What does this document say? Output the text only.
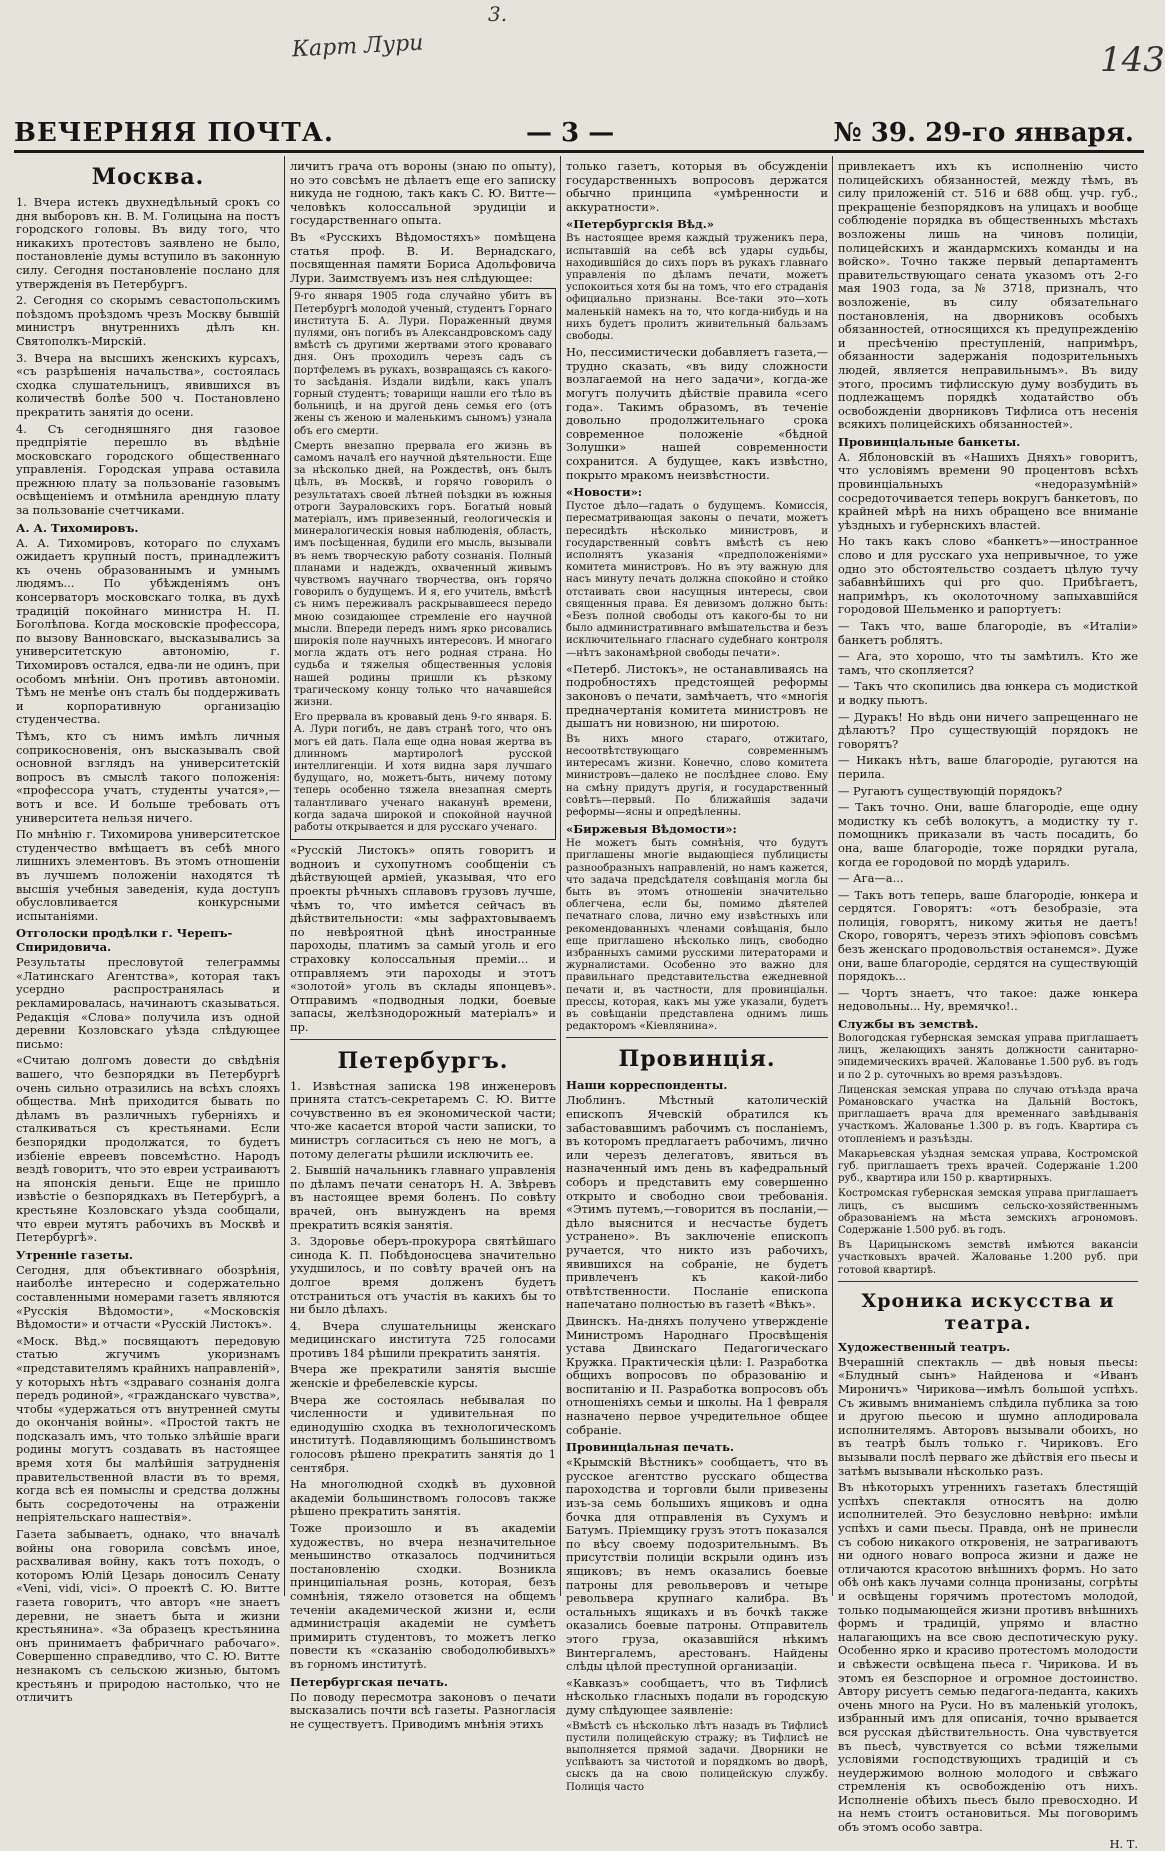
3.
Карт Лури	143
ВЕЧЕРНЯЯ ПОЧТА.	— 3 —	№ 39. 29-го января.
Москва.

1. Вчера истекъ двухнедѣльный срокъ со дня выборовъ кн. В. М. Голицына на постъ городского головы. Въ виду того, что никакихъ протестовъ заявлено не было, постановленіе думы вступило въ законную силу. Сегодня постановленіе послано для утвержденія въ Петербургъ.

2. Сегодня со скорымъ севастопольскимъ поѣздомъ проѣздомъ чрезъ Москву бывшій министръ внутреннихъ дѣлъ кн. Святополкъ-Мирскій.

3. Вчера на высшихъ женскихъ курсахъ, «съ разрѣшенія начальства», состоялась сходка слушательницъ, явившихся въ количествѣ болѣе 500 ч. Постановлено прекратить занятія до осени.

4. Съ сегодняшняго дня газовое предпріятіе перешло въ вѣдѣніе московскаго городского общественнаго управленія. Городская управа оставила прежнюю плату за пользованіе газовымъ освѣщеніемъ и отмѣнила арендную плату за пользованіе счетчиками.

А. А. Тихомировъ.

А. А. Тихомировъ, котораго по слухамъ ожидаетъ крупный постъ, принадлежитъ къ очень образованнымъ и умнымъ людямъ... По убѣжденіямъ онъ консерваторъ московскаго толка, въ духѣ традицій покойнаго министра Н. П. Боголѣпова. Когда московскіе профессора, по вызову Ванновскаго, высказывались за университетскую автономію, г. Тихомировъ остался, едва-ли не одинъ, при особомъ мнѣніи. Онъ противъ автономіи. Тѣмъ не менѣе онъ сталъ бы поддерживать и корпоративную организацію студенчества.

Тѣмъ, кто съ нимъ имѣлъ личныя соприкосновенія, онъ высказывалъ свой основной взглядъ на университетскій вопросъ въ смыслѣ такого положенія: «профессора учатъ, студенты учатся»,—вотъ и все. И больше требовать отъ университета нельзя ничего.

По мнѣнію г. Тихомирова университетское студенчество вмѣщаетъ въ себѣ много лишнихъ элементовъ. Въ этомъ отношеніи въ лучшемъ положеніи находятся тѣ высшія учебныя заведенія, куда доступъ обусловливается конкурсными испытаніями.

Отголоски продѣлки г. Черепъ-Спиридовича.

Результаты пресловутой телеграммы «Латинскаго Агентства», которая такъ усердно распространялась и рекламировалась, начинаютъ сказываться. Редакція «Слова» получила изъ одной деревни Козловскаго уѣзда слѣдующее письмо:

«Считаю долгомъ довести до свѣдѣнія вашего, что безпорядки въ Петербургѣ очень сильно отразились на всѣхъ слояхъ общества. Мнѣ приходится бывать по дѣламъ въ различныхъ губерніяхъ и сталкиваться съ крестьянами. Если безпорядки продолжатся, то будетъ избіеніе евреевъ повсемѣстно. Народъ вездѣ говоритъ, что это евреи устраиваютъ на японскія деньги. Еще не пришло извѣстіе о безпорядкахъ въ Петербургѣ, а крестьяне Козловскаго уѣзда сообщали, что евреи мутятъ рабочихъ въ Москвѣ и Петербургѣ».

Утренніе газеты.

Сегодня, для объективнаго обозрѣнія, наиболѣе интересно и содержательно составленными номерами газетъ являются «Русскія Вѣдомости», «Московскія Вѣдомости» и отчасти «Русскій Листокъ».

«Моск. Вѣд.» посвящаютъ передовую статью жгучимъ укоризнамъ «представителямъ крайнихъ направленій», у которыхъ нѣтъ «здраваго сознанія долга передъ родиной», «гражданскаго чувства», чтобы «удержаться отъ внутренней смуты до окончанія войны». «Простой тактъ не подсказалъ имъ, что только злѣйшіе враги родины могутъ создавать въ настоящее время хотя бы малѣйшія затрудненія правительственной власти въ то время, когда всѣ ея помыслы и средства должны быть сосредоточены на отраженіи непріятельскаго нашествія».

Газета забываетъ, однако, что вначалѣ войны она говорила совсѣмъ иное, расхваливая войну, какъ тотъ походъ, о которомъ Юлій Цезарь доносилъ Сенату «Veni, vidi, vici». О проектѣ С. Ю. Витте газета говоритъ, что авторъ «не знаетъ деревни, не знаетъ быта и жизни крестьянина». «За образецъ крестьянина онъ принимаетъ фабричнаго рабочаго». Совершенно справедливо, что С. Ю. Витте незнакомъ съ сельскою жизнью, бытомъ крестьянъ и природою настолько, что не отличитъ

личитъ грача отъ вороны (знаю по опыту), но это совсѣмъ не дѣлаетъ еще его записку никуда не годною, такъ какъ С. Ю. Витте—человѣкъ колоссальной эрудиціи и государственнаго опыта.

Въ «Русскихъ Вѣдомостяхъ» помѣщена статья проф. В. И. Вернадскаго, посвященная памяти Бориса Адольфовича Лури. Заимствуемъ изъ нея слѣдующее:

9-го января 1905 года случайно убитъ въ Петербургѣ молодой ученый, студентъ Горнаго института Б. А. Лури. Пораженный двумя пулями, онъ погибъ въ Александровскомъ саду вмѣстѣ съ другими жертвами этого кроваваго дня. Онъ проходилъ черезъ садъ съ портфелемъ въ рукахъ, возвращаясь съ какого-то засѣданія. Издали видѣли, какъ упалъ горный студентъ; товарищи нашли его тѣло въ больницѣ, и на другой день семья его (отъ жены съ женою и маленькимъ сыномъ) узнала объ его смерти.

Смерть внезапно прервала его жизнь въ самомъ началѣ его научной дѣятельности. Еще за нѣсколько дней, на Рождествѣ, онъ былъ цѣлъ, въ Москвѣ, и горячо говорилъ о результатахъ своей лѣтней поѣздки въ южныя отроги Заураловскихъ горъ. Богатый новый матеріалъ, имъ привезенный, геологическія и минералогическія новыя наблюденія, область, имъ посѣщенная, будили его мысль, вызывали въ немъ творческую работу сознанія. Полный планами и надеждъ, охваченный живымъ чувствомъ научнаго творчества, онъ горячо говорилъ о будущемъ. И я, его учитель, вмѣстѣ съ нимъ переживалъ раскрывавшееся передо мною созидающее стремленіе его научной мысли. Впереди передъ нимъ ярко рисовались широкія поле научныхъ интересовъ. И многаго могла ждать отъ него родная страна. Но судьба и тяжелыя общественныя условія нашей родины пришли къ рѣзкому трагическому концу только что начавшейся жизни.

Его прервала въ кровавый день 9-го января. Б. А. Лури погибъ, не давъ странѣ того, что онъ могъ ей дать. Пала еще одна новая жертва въ длинномъ мартирологѣ русской интеллигенціи. И хотя видна заря лучшаго будущаго, но, можетъ-быть, ничему потому теперь особенно тяжела внезапная смерть талантливаго ученаго наканунѣ времени, когда задача широкой и спокойной научной работы открывается и для русскаго ученаго.

«Русскій Листокъ» опять говоритъ и водноиъ и сухопутномъ сообщеніи съ дѣйствующей арміей, указывая, что его проекты рѣчныхъ сплавовъ грузовъ лучше, чѣмъ то, что имѣется сейчасъ въ дѣйствительности: «мы зафрахтовываемъ по невѣроятной цѣнѣ иностранные пароходы, платимъ за самый уголь и его страховку колоссальныя преміи... и отправляемъ эти пароходы и этотъ «золотой» уголь въ склады японцевъ». Отправимъ «подводныя лодки, боевые запасы, желѣзнодорожный матеріалъ» и пр.

Петербургъ.

1. Извѣстная записка 198 инженеровъ принята статсъ-секретаремъ С. Ю. Витте сочувственно въ ея экономической части; что-же касается второй части записки, то министръ согласиться съ нею не могъ, а потому делегаты рѣшили исключить ее.

2. Бывшій начальникъ главнаго управленія по дѣламъ печати сенаторъ Н. А. Звѣревъ въ настоящее время боленъ. По совѣту врачей, онъ вынужденъ на время прекратить всякія занятія.

3. Здоровье оберъ-прокурора святѣйшаго синода К. П. Побѣдоносцева значительно ухудшилось, и по совѣту врачей онъ на долгое время долженъ будетъ отстраниться отъ участія въ какихъ бы то ни было дѣлахъ.

4. Вчера слушательницы женскаго медицинскаго института 725 голосами противъ 184 рѣшили прекратить занятія.

Вчера же прекратили занятія высшіе женскіе и фребелевскіе курсы.

Вчера же состоялась небывалая по численности и удивительная по единодушію сходка въ технологическомъ институтѣ. Подавляющимъ большинствомъ голосовъ рѣшено прекратить занятія до 1 сентября.

На многолюдной сходкѣ въ духовной академіи большинствомъ голосовъ также рѣшено прекратить занятія.

Тоже произошло и въ академіи художествъ, но вчера незначительное меньшинство отказалось подчиниться постановленію сходки. Возникла принципіальная рознь, которая, безъ сомнѣнія, тяжело отзовется на общемъ теченіи академической жизни и, если администрація академіи не сумѣетъ примирить студентовъ, то можетъ легко повести къ «сказанію свободолюбивыхъ» въ горномъ институтѣ.

Петербургская печать.

По поводу пересмотра законовъ о печати высказались почти всѣ газеты. Разногласія не существуетъ. Приводимъ мнѣнія этихъ

только газетъ, которыя въ обсужденіи государственныхъ вопросовъ держатся обычно принципа «умѣренности и аккуратности».

«Петербургскія Вѣд.»

Въ настоящее время каждый труженикъ пера, испытавшій на себѣ всѣ удары судьбы, находившійся до сихъ поръ въ рукахъ главнаго управленія по дѣламъ печати, можетъ успокоиться хотя бы на томъ, что его страданія официально признаны. Все-таки это—хоть маленькій намекъ на то, что когда-нибудь и на нихъ будетъ пролитъ живительный бальзамъ свободы.

Но, пессимистически добавляетъ газета,—трудно сказать, «въ виду сложности возлагаемой на него задачи», когда-же могутъ получить дѣйствіе правила «сего года». Такимъ образомъ, въ теченіе довольно продолжительнаго срока современное положеніе «бѣдной Золушки» нашей современности сохранится. А будущее, какъ извѣстно, покрыто мракомъ неизвѣстности.

«Новости»:

Пустое дѣло—гадать о будущемъ. Комиссія, пересматривающая законы о печати, можетъ пересидѣть нѣсколько министровъ, и государственный совѣтъ вмѣстѣ съ нею исполнятъ указанія «предположеніями» комитета министровъ. Но въ эту важную для насъ минуту печать должна спокойно и стойко отстаивать свои насущныя интересы, свои священныя права. Ея девизомъ должно быть: «Безъ полной свободы отъ какого-бы то ни было административнаго вмѣшательства и безъ исключительнаго гласнаго судебнаго контроля—нѣтъ законамѣрной свободы печати».

«Петерб. Листокъ», не останавливаясь на подробностяхъ предстоящей реформы законовъ о печати, замѣчаетъ, что «многія предначертанія комитета министровъ не дышатъ ни новизною, ни широтою.

Въ нихъ много стараго, отжитаго, несоотвѣтствующаго современнымъ интересамъ жизни. Конечно, слово комитета министровъ—далеко не послѣднее слово. Ему на смѣну придутъ другія, и государственный совѣтъ—первый. По ближайшія задачи реформы—ясны и опредѣленны.

«Биржевыя Вѣдомости»:

Не можетъ быть сомнѣнія, что будутъ приглашены многіе выдающіеся публицисты разнообразныхъ направленій, но намъ кажется, что задача предсѣдателя совѣщанія могла бы быть въ этомъ отношеніи значительно облегчена, если бы, помимо дѣятелей печатнаго слова, лично ему извѣстныхъ или рекомендованныхъ членами совѣщанія, было еще приглашено нѣсколько лицъ, свободно избранныхъ самими русскими литераторами и журналистами. Особенно это важно для правильнаго представительства ежедневной печати и, въ частности, для провинціальн. прессы, которая, какъ мы уже указали, будетъ въ совѣщаніи представлена однимъ лишь редакторомъ «Кіевлянина».

Провинція.
Наши корреспонденты.

Люблинъ. Мѣстный католическій епископъ Ячевскій обратился къ забастовавшимъ рабочимъ съ посланіемъ, въ которомъ предлагаетъ рабочимъ, лично или черезъ делегатовъ, явиться въ назначенный имъ день въ кафедральный соборъ и представить ему совершенно открыто и свободно свои требованія. «Этимъ путемъ,—говорится въ посланіи,—дѣло выяснится и несчастье будетъ устранено». Въ заключеніе епископъ ручается, что никто изъ рабочихъ, явившихся на собраніе, не будетъ привлеченъ къ какой-либо отвѣтственности. Посланіе епископа напечатано полностью въ газетѣ «Вѣкъ».

Двинскъ. На-дняхъ получено утвержденіе Министромъ Народнаго Просвѣщенія устава Двинскаго Педагогическаго Кружка. Практическія цѣли: I. Разработка общихъ вопросовъ по образованію и воспитанію и II. Разработка вопросовъ объ отношеніяхъ семьи и школы. На 1 февраля назначено первое учредительное общее собраніе.

Провинціальная печать.

«Крымскій Вѣстникъ» сообщаетъ, что въ русское агентство русскаго общества пароходства и торговли были привезены изъ-за семь большихъ ящиковъ и одна бочка для отправленія въ Сухумъ и Батумъ. Пріемщику грузъ этотъ показался по вѣсу своему подозрительнымъ. Въ присутствіи полиціи вскрыли одинъ изъ ящиковъ; въ немъ оказались боевые патроны для револьверовъ и четыре револьвера крупнаго калибра. Въ остальныхъ ящикахъ и въ бочкѣ также оказались боевые патроны. Отправитель этого груза, оказавшійся нѣкимъ Винтергалемъ, арестованъ. Найдены слѣды цѣлой преступной организаціи.

«Кавказъ» сообщаетъ, что въ Тифлисѣ нѣсколько гласныхъ подали въ городскую думу слѣдующее заявленіе:

«Вмѣстѣ съ нѣсколько лѣтъ назадъ въ Тифлисѣ пустили полицейскую стражу; въ Тифлисѣ не выполняется прямой задачи. Дворники не успѣваютъ за чистотой и порядкомъ во дворѣ, сыскъ да на свою полицейскую службу. Полиція часто

привлекаетъ ихъ къ исполненію чисто полицейскихъ обязанностей, между тѣмъ, въ силу приложеній ст. 516 и 688 общ. учр. губ., прекращеніе безпорядковъ на улицахъ и вообще соблюденіе порядка въ общественныхъ мѣстахъ возложены лишь на чиновъ полиціи, полицейскихъ и жандармскихъ команды и на войско». Точно также первый департаментъ правительствующаго сената указомъ отъ 2-го мая 1903 года, за № 3718, призналъ, что возложеніе, въ силу обязательнаго постановленія, на дворниковъ особыхъ обязанностей, относящихся къ предупрежденію и пресѣченію преступленій, напримѣръ, обязанности задержанія подозрительныхъ людей, является неправильнымъ». Въ виду этого, просимъ тифлисскую думу возбудить въ подлежащемъ порядкѣ ходатайство объ освобожденіи дворниковъ Тифлиса отъ несенія всякихъ полицейскихъ обязанностей».

Провинціальные банкеты.

А. Яблоновскій въ «Нашихъ Дняхъ» говоритъ, что условіямъ времени 90 процентовъ всѣхъ провинціальныхъ «недоразумѣній» сосредоточивается теперь вокругъ банкетовъ, по крайней мѣрѣ на нихъ обращено все вниманіе уѣздныхъ и губернскихъ властей.

Но такъ какъ слово «банкетъ»—иностранное слово и для русскаго уха непривычное, то уже одно это обстоятельство создаетъ цѣлую тучу забавнѣйшихъ qui pro quo. Прибѣгаетъ, напримѣръ, къ околоточному запыхавшійся городовой Шельменко и рапортуетъ:

— Такъ что, ваше благородіе, въ «Италіи» банкетъ роблятъ.

— Ага, это хорошо, что ты замѣтилъ. Кто же тамъ, что скопляется?

— Такъ что скопились два юнкера съ модисткой и водку пьютъ.

— Дуракъ! Но вѣдь они ничего запрещеннаго не дѣлаютъ? Про существующій порядокъ не говорятъ?

— Никакъ нѣтъ, ваше благородіе, ругаются на перила.

— Ругаютъ существующій порядокъ?

— Такъ точно. Они, ваше благородіе, еще одну модистку къ себѣ волокутъ, а модистку ту г. помощникъ приказали въ часть посадить, бо она, ваше благородіе, тоже порядки ругала, когда ее городовой по мордѣ ударилъ.

— Ага—а...

— Такъ вотъ теперь, ваше благородіе, юнкера и сердятся. Говорятъ: «отъ безобразіе, эта полиція, говорятъ, никому житья не даетъ! Скоро, говорятъ, черезъ этихъ эфіоповъ совсѣмъ безъ женскаго продовольствія останемся». Дуже они, ваше благородіе, сердятся на существующій порядокъ...

— Чортъ знаетъ, что такое: даже юнкера недовольны... Ну, времячко!..

Службы въ земствѣ.

Вологодская губернская земская управа приглашаетъ лицъ, желающихъ занять должности санитарно-эпидемическихъ врачей. Жалованье 1.500 руб. въ годъ и по 2 р. суточныхъ во время разъѣздовъ.

Лиценская земская управа по случаю отъѣзда врача Романовскаго участка на Дальній Востокъ, приглашаетъ врача для временнаго завѣдыванія участкомъ. Жалованье 1.300 р. въ годъ. Квартира съ отопленіемъ и разъѣзды.

Макарьевская уѣздная земская управа, Костромской губ. приглашаетъ трехъ врачей. Содержаніе 1.200 руб., квартира или 150 р. квартирныхъ.

Костромская губернская земская управа приглашаетъ лицъ, съ высшимъ сельско-хозяйственнымъ образованіемъ на мѣста земскихъ агрономовъ. Содержаніе 1.500 руб. въ годъ.

Въ Царицынскомъ земствѣ имѣются вакансіи участковыхъ врачей. Жалованье 1.200 руб. при готовой квартирѣ.

Хроника искусства и театра.
Художественный театръ.

Вчерашній спектакль — двѣ новыя пьесы: «Блудный сынъ» Найденова и «Иванъ Мироничъ» Чирикова—имѣлъ большой успѣхъ. Съ живымъ вниманіемъ слѣдила публика за тою и другою пьесою и шумно аплодировала исполнителямъ. Авторовъ вызывали обоихъ, но въ театрѣ былъ только г. Чириковъ. Его вызывали послѣ перваго же дѣйствія его пьесы и затѣмъ вызывали нѣсколько разъ.

Въ нѣкоторыхъ утреннихъ газетахъ блестящій успѣхъ спектакля относятъ на долю исполнителей. Это безусловно невѣрно: имѣли успѣхъ и сами пьесы. Правда, онѣ не принесли съ собою никакого откровенія, не затрагиваютъ ни одного новаго вопроса жизни и даже не отличаются красотою внѣшнихъ формъ. Но зато обѣ онѣ какъ лучами солнца пронизаны, согрѣты и освѣщены горячимъ протестомъ молодой, только подымающейся жизни противъ внѣшнихъ формъ и традицій, упрямо и властно налагающихъ на все свою деспотическую руку. Особенно ярко и красиво протестомъ молодости и свѣжести освѣщена пьеса г. Чирикова. И въ этомъ ея безспорное и огромное достоинство. Автору рисуетъ семью педагога-педанта, какихъ очень много на Руси. Но въ маленькій уголокъ, избранный имъ для описанія, точно врывается вся русская дѣйствительность. Она чувствуется въ пьесѣ, чувствуется со всѣми тяжелыми условіями господствующихъ традицій и съ неудержимою волною молодого и свѣжаго стремленія къ освобожденію отъ нихъ. Исполненіе обѣихъ пьесъ было превосходно. И на немъ стоитъ остановиться. Мы поговоримъ объ этомъ особо завтра.

Н. Т.
